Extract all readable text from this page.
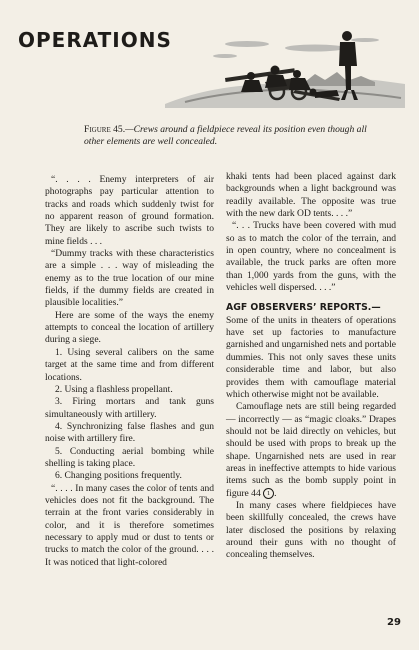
OPERATIONS

Figure 45.—Crews around a fieldpiece reveal its position even though all other elements are well concealed.

“. . . . Enemy interpreters of air photographs pay particular attention to tracks and roads which suddenly twist for no apparent reason of ground formation. They are likely to ascribe such twists to mine fields . . .

“Dummy tracks with these characteristics are a simple . . . way of misleading the enemy as to the true location of our mine fields, if the dummy fields are created in plausible localities.”

Here are some of the ways the enemy attempts to conceal the location of artillery during a siege.

1. Using several calibers on the same target at the same time and from different locations.

2. Using a flashless propellant.

3. Firing mortars and tank guns simultaneously with artillery.

4. Synchronizing false flashes and gun noise with artillery fire.

5. Conducting aerial bombing while shelling is taking place.

6. Changing positions frequently.

“. . . . In many cases the color of tents and vehicles does not fit the background. The terrain at the front varies considerably in color, and it is therefore sometimes necessary to apply mud or dust to tents or trucks to match the color of the ground. . . . It was noticed that light-colored

khaki tents had been placed against dark backgrounds when a light background was readily available. The opposite was true with the new dark OD tents. . . .”

“. . . Trucks have been covered with mud so as to match the color of the terrain, and in open country, where no concealment is available, the truck parks are often more than 1,000 yards from the guns, with the vehicles well dispersed. . . .”

AGF OBSERVERS’ REPORTS.—

Some of the units in theaters of operations have set up factories to manufacture garnished and ungarnished nets and portable dummies. This not only saves these units considerable time and labor, but also provides them with camouflage material which otherwise might not be available.

Camouflage nets are still being regarded — incorrectly — as “magic cloaks.” Drapes should not be laid directly on vehicles, but should be used with props to break up the shape. Ungarnished nets are used in rear areas in ineffective attempts to hide various items such as the bomb supply point in figure 44 1 .

In many cases where fieldpieces have been skillfully concealed, the crews have later disclosed the positions by relaxing around their guns with no thought of concealing themselves.

29
